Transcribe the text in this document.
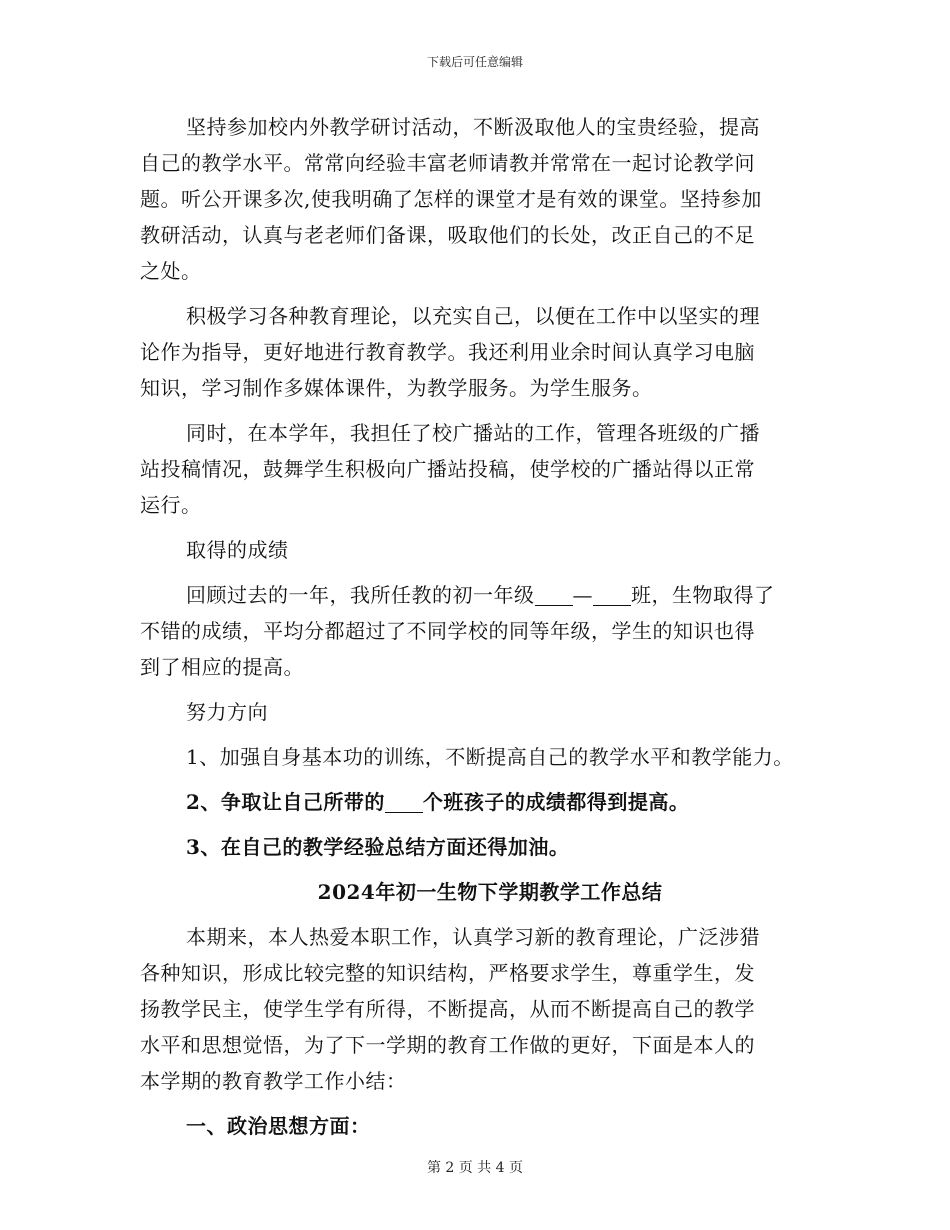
下载后可任意编辑
坚持参加校内外教学研讨活动，不断汲取他人的宝贵经验，提高
自己的教学水平。常常向经验丰富老师请教并常常在一起讨论教学问
题。听公开课多次,使我明确了怎样的课堂才是有效的课堂。坚持参加
教研活动，认真与老老师们备课，吸取他们的长处，改正自己的不足
之处。
积极学习各种教育理论，以充实自己，以便在工作中以坚实的理
论作为指导，更好地进行教育教学。我还利用业余时间认真学习电脑
知识，学习制作多媒体课件，为教学服务。为学生服务。
同时，在本学年，我担任了校广播站的工作，管理各班级的广播
站投稿情况，鼓舞学生积极向广播站投稿，使学校的广播站得以正常
运行。
取得的成绩
回顾过去的一年，我所任教的初一年级 — 班，生物取得了
不错的成绩，平均分都超过了不同学校的同等年级，学生的知识也得
到了相应的提高。
努力方向
1、加强自身基本功的训练，不断提高自己的教学水平和教学能力。
2、争取让自己所带的 个班孩子的成绩都得到提高。
3、在自己的教学经验总结方面还得加油。
2024年初一生物下学期教学工作总结
本期来，本人热爱本职工作，认真学习新的教育理论，广泛涉猎
各种知识，形成比较完整的知识结构，严格要求学生，尊重学生，发
扬教学民主，使学生学有所得，不断提高，从而不断提高自己的教学
水平和思想觉悟，为了下一学期的教育工作做的更好，下面是本人的
本学期的教育教学工作小结：
一、政治思想方面：
第 2 页 共 4 页
